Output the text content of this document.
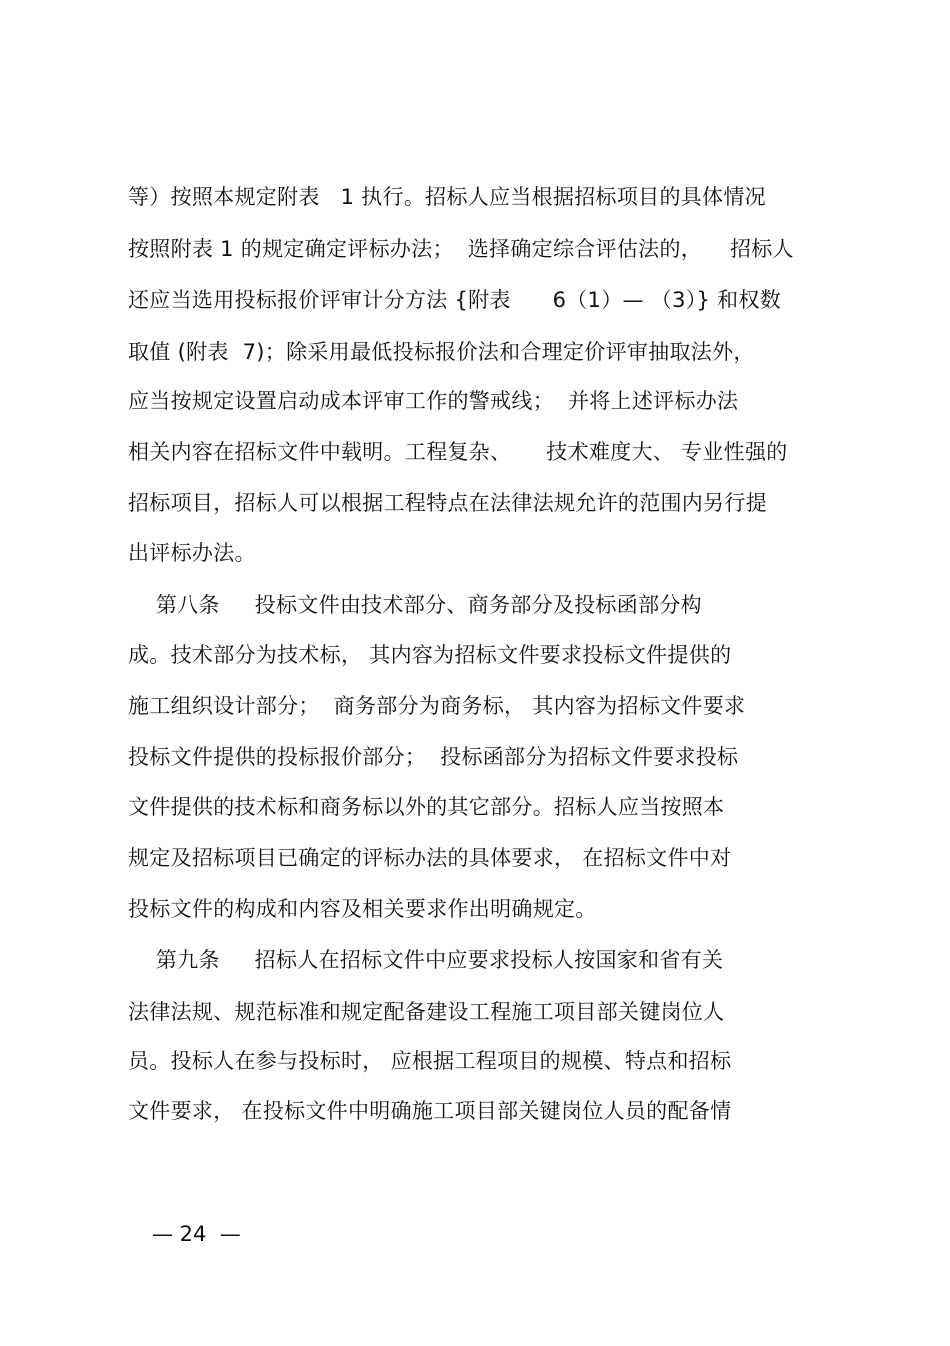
等）按照本规定附表   1 执行。招标人应当根据招标项目的具体情况
按照附表 1 的规定确定评标办法；  选择确定综合评估法的，    招标人
还应当选用投标报价评审计分方法 {附表      6（1）— （3）} 和权数
取值 (附表  7)；除采用最低投标报价法和合理定价评审抽取法外，
应当按规定设置启动成本评审工作的警戒线；  并将上述评标办法
相关内容在招标文件中载明。工程复杂、     技术难度大、 专业性强的
招标项目，招标人可以根据工程特点在法律法规允许的范围内另行提
出评标办法。
第八条     投标文件由技术部分、商务部分及投标函部分构
成。技术部分为技术标， 其内容为招标文件要求投标文件提供的
施工组织设计部分；  商务部分为商务标， 其内容为招标文件要求
投标文件提供的投标报价部分；  投标函部分为招标文件要求投标
文件提供的技术标和商务标以外的其它部分。招标人应当按照本
规定及招标项目已确定的评标办法的具体要求， 在招标文件中对
投标文件的构成和内容及相关要求作出明确规定。
第九条     招标人在招标文件中应要求投标人按国家和省有关
法律法规、规范标准和规定配备建设工程施工项目部关键岗位人
员。投标人在参与投标时， 应根据工程项目的规模、特点和招标
文件要求， 在投标文件中明确施工项目部关键岗位人员的配备情
— 24  —
